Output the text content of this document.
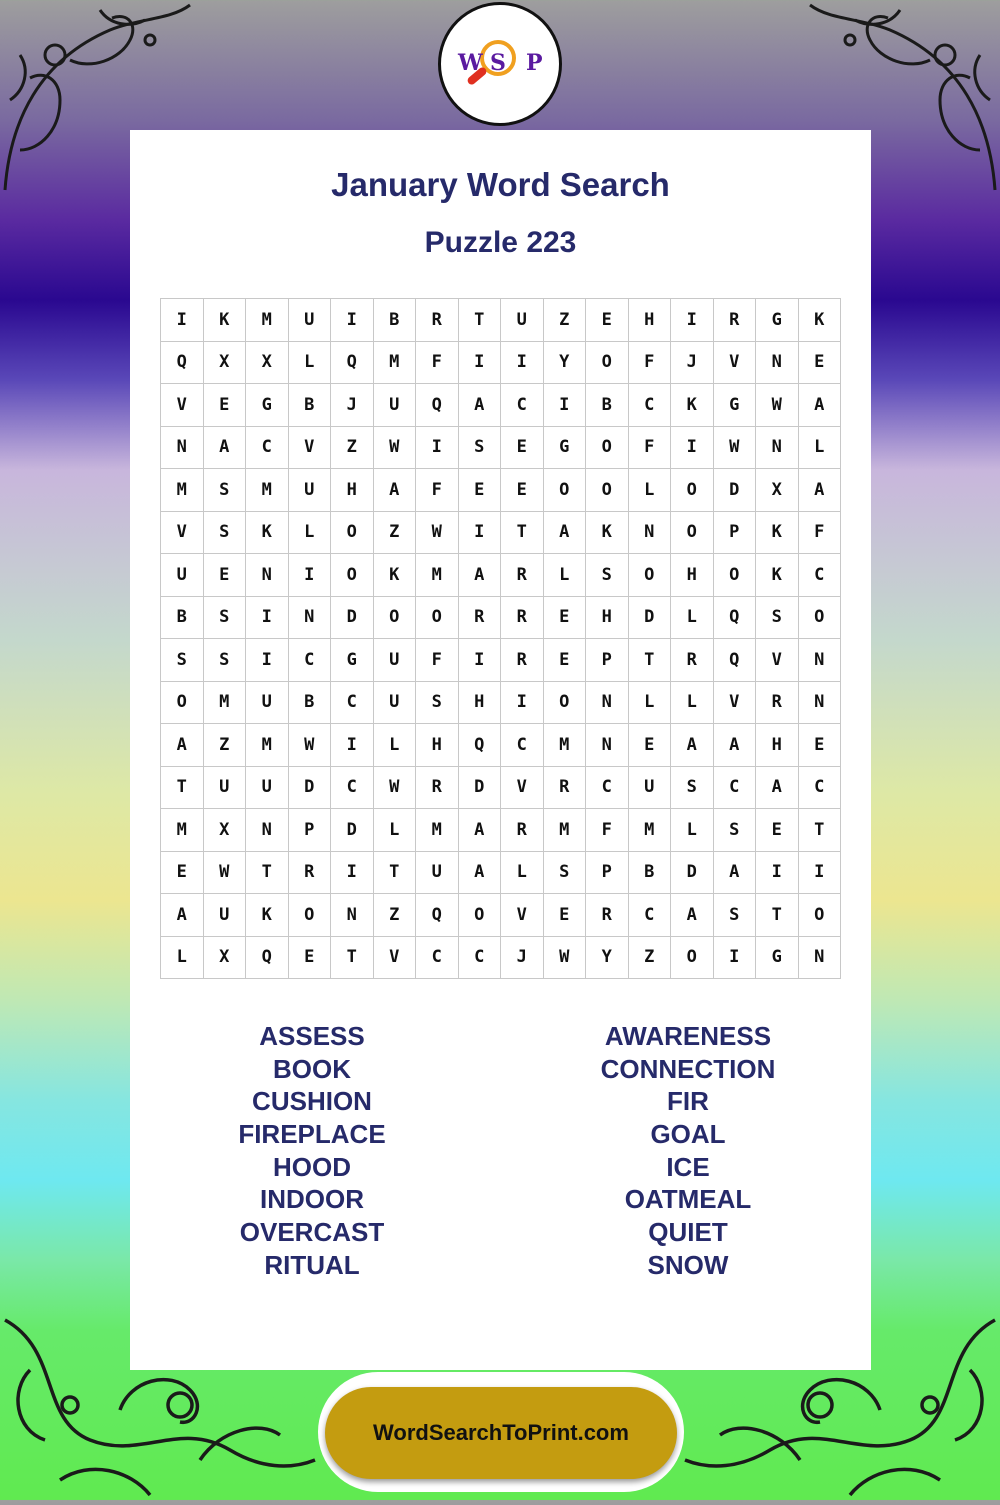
January Word Search
Puzzle 223
I	K	M	U	I	B	R	T	U	Z	E	H	I	R	G	K
Q	X	X	L	Q	M	F	I	I	Y	O	F	J	V	N	E
V	E	G	B	J	U	Q	A	C	I	B	C	K	G	W	A
N	A	C	V	Z	W	I	S	E	G	O	F	I	W	N	L
M	S	M	U	H	A	F	E	E	O	O	L	O	D	X	A
V	S	K	L	O	Z	W	I	T	A	K	N	O	P	K	F
U	E	N	I	O	K	M	A	R	L	S	O	H	O	K	C
B	S	I	N	D	O	O	R	R	E	H	D	L	Q	S	O
S	S	I	C	G	U	F	I	R	E	P	T	R	Q	V	N
O	M	U	B	C	U	S	H	I	O	N	L	L	V	R	N
A	Z	M	W	I	L	H	Q	C	M	N	E	A	A	H	E
T	U	U	D	C	W	R	D	V	R	C	U	S	C	A	C
M	X	N	P	D	L	M	A	R	M	F	M	L	S	E	T
E	W	T	R	I	T	U	A	L	S	P	B	D	A	I	I
A	U	K	O	N	Z	Q	O	V	E	R	C	A	S	T	O
L	X	Q	E	T	V	C	C	J	W	Y	Z	O	I	G	N
ASSESS
BOOK
CUSHION
FIREPLACE
HOOD
INDOOR
OVERCAST
RITUAL
AWARENESS
CONNECTION
FIR
GOAL
ICE
OATMEAL
QUIET
SNOW
W S P
WordSearchToPrint.com
